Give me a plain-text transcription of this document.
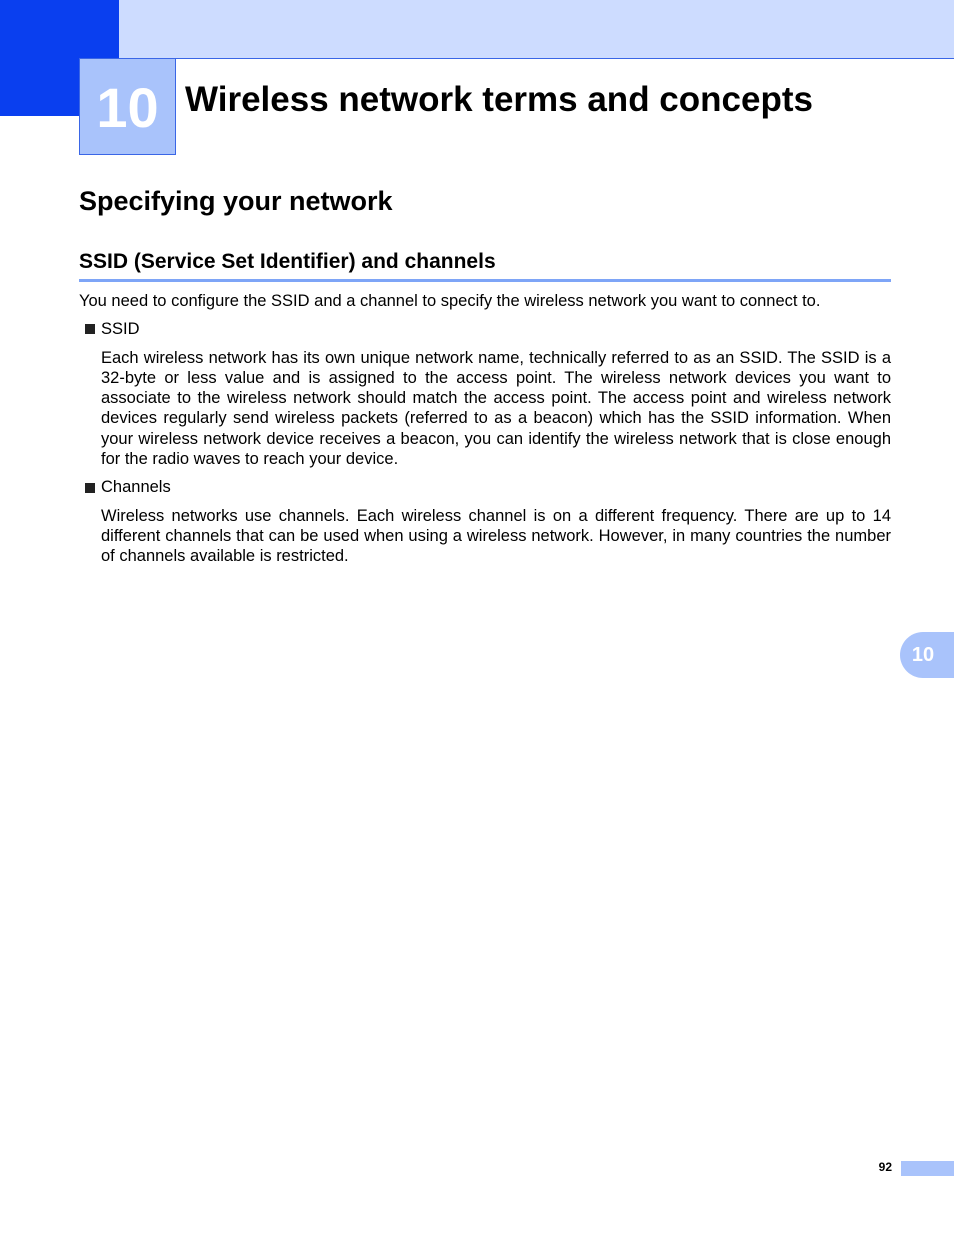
10 Wireless network terms and concepts
Specifying your network
SSID (Service Set Identifier) and channels

You need to configure the SSID and a channel to specify the wireless network you want to connect to.

SSID

Each wireless network has its own unique network name, technically referred to as an SSID. The SSID is a 32-byte or less value and is assigned to the access point. The wireless network devices you want to associate to the wireless network should match the access point. The access point and wireless network devices regularly send wireless packets (referred to as a beacon) which has the SSID information. When your wireless network device receives a beacon, you can identify the wireless network that is close enough for the radio waves to reach your device.

Channels

Wireless networks use channels. Each wireless channel is on a different frequency. There are up to 14 different channels that can be used when using a wireless network. However, in many countries the number of channels available is restricted.

10
92
